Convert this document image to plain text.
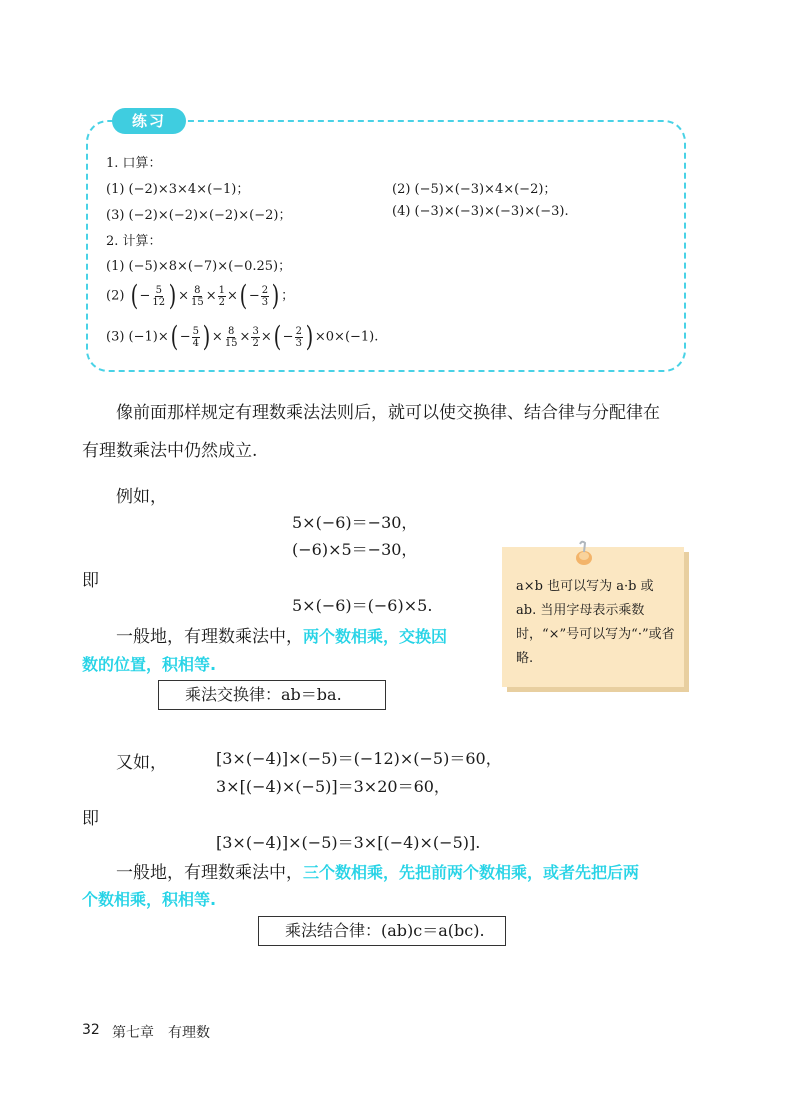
练习
1. 口算：
(1) (−2)×3×4×(−1)；	(2) (−5)×(−3)×4×(−2)；
(3) (−2)×(−2)×(−2)×(−2)；	(4) (−3)×(−3)×(−3)×(−3).
2. 计算：
(1) (−5)×8×(−7)×(−0.25)；
(2) ( − $\frac{5}{12}$ ) × $\frac{8}{15} \times \frac{1}{2}$ ×( − $\frac{2}{3}$ ) ；
(3) $(-1)\times( - \frac{5}{4}$ ) × $\frac{8}{15} \times \frac{3}{2}$ ×( − $\frac{2}{3}$ ) ×0×(−1).
像前面那样规定有理数乘法法则后，就可以使交换律、结合律与分配律在
有理数乘法中仍然成立.
例如，
5×(−6)＝−30，
(−6)×5＝−30，
即
5×(−6)＝(−6)×5.
一般地，有理数乘法中，两个数相乘，交换因
数的位置，积相等.
乘法交换律：ab＝ba.
a×b 也可以写为 a·b 或 ab. 当用字母表示乘数时，“×”号可以写为“·”或省略.
又如，	[3×(−4)]×(−5)＝(−12)×(−5)＝60，
3×[(−4)×(−5)]＝3×20＝60，
即
[3×(−4)]×(−5)＝3×[(−4)×(−5)].
一般地，有理数乘法中，三个数相乘，先把前两个数相乘，或者先把后两
个数相乘，积相等.
乘法结合律：(ab)c＝a(bc).
32 第七章 有理数
